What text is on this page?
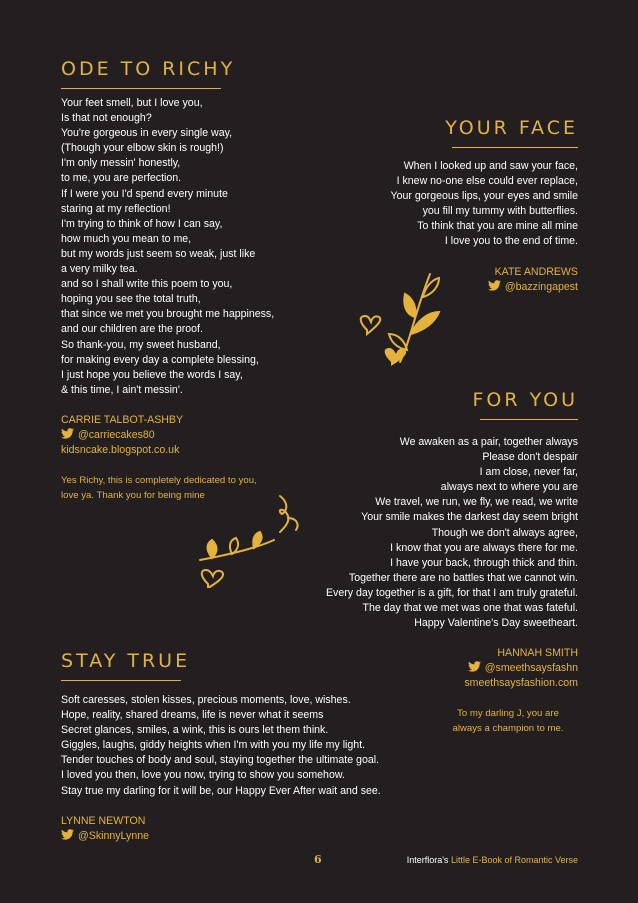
ODE TO RICHY
Your feet smell, but I love you,
Is that not enough?
You're gorgeous in every single way,
(Though your elbow skin is rough!)
I'm only messin' honestly,
to me, you are perfection.
If I were you I'd spend every minute
staring at my reflection!
I'm trying to think of how I can say,
how much you mean to me,
but my words just seem so weak, just like
a very milky tea.
and so I shall write this poem to you,
hoping you see the total truth,
that since we met you brought me happiness,
and our children are the proof.
So thank-you, my sweet husband,
for making every day a complete blessing,
I just hope you believe the words I say,
& this time, I ain't messin'.
CARRIE TALBOT-ASHBY
@carriecakes80
kidsncake.blogspot.co.uk
Yes Richy, this is completely dedicated to you,
love ya. Thank you for being mine
YOUR FACE
When I looked up and saw your face,
I knew no-one else could ever replace,
Your gorgeous lips, your eyes and smile
you fill my tummy with butterflies.
To think that you are mine all mine
I love you to the end of time.
KATE ANDREWS
@bazzingapest
FOR YOU
We awaken as a pair, together always
Please don't despair
I am close, never far,
always next to where you are
We travel, we run, we fly, we read, we write
Your smile makes the darkest day seem bright
Though we don't always agree,
I know that you are always there for me.
I have your back, through thick and thin.
Together there are no battles that we cannot win.
Every day together is a gift, for that I am truly grateful.
The day that we met was one that was fateful.
Happy Valentine's Day sweetheart.
HANNAH SMITH
@smeethsaysfashn
smeethsaysfashion.com
To my darling J, you are
always a champion to me.
STAY TRUE
Soft caresses, stolen kisses, precious moments, love, wishes.
Hope, reality, shared dreams, life is never what it seems
Secret glances, smiles, a wink, this is ours let them think.
Giggles, laughs, giddy heights when I'm with you my life my light.
Tender touches of body and soul, staying together the ultimate goal.
I loved you then, love you now, trying to show you somehow.
Stay true my darling for it will be, our Happy Ever After wait and see.
LYNNE NEWTON
@SkinnyLynne
6	Interflora's Little E-Book of Romantic Verse
